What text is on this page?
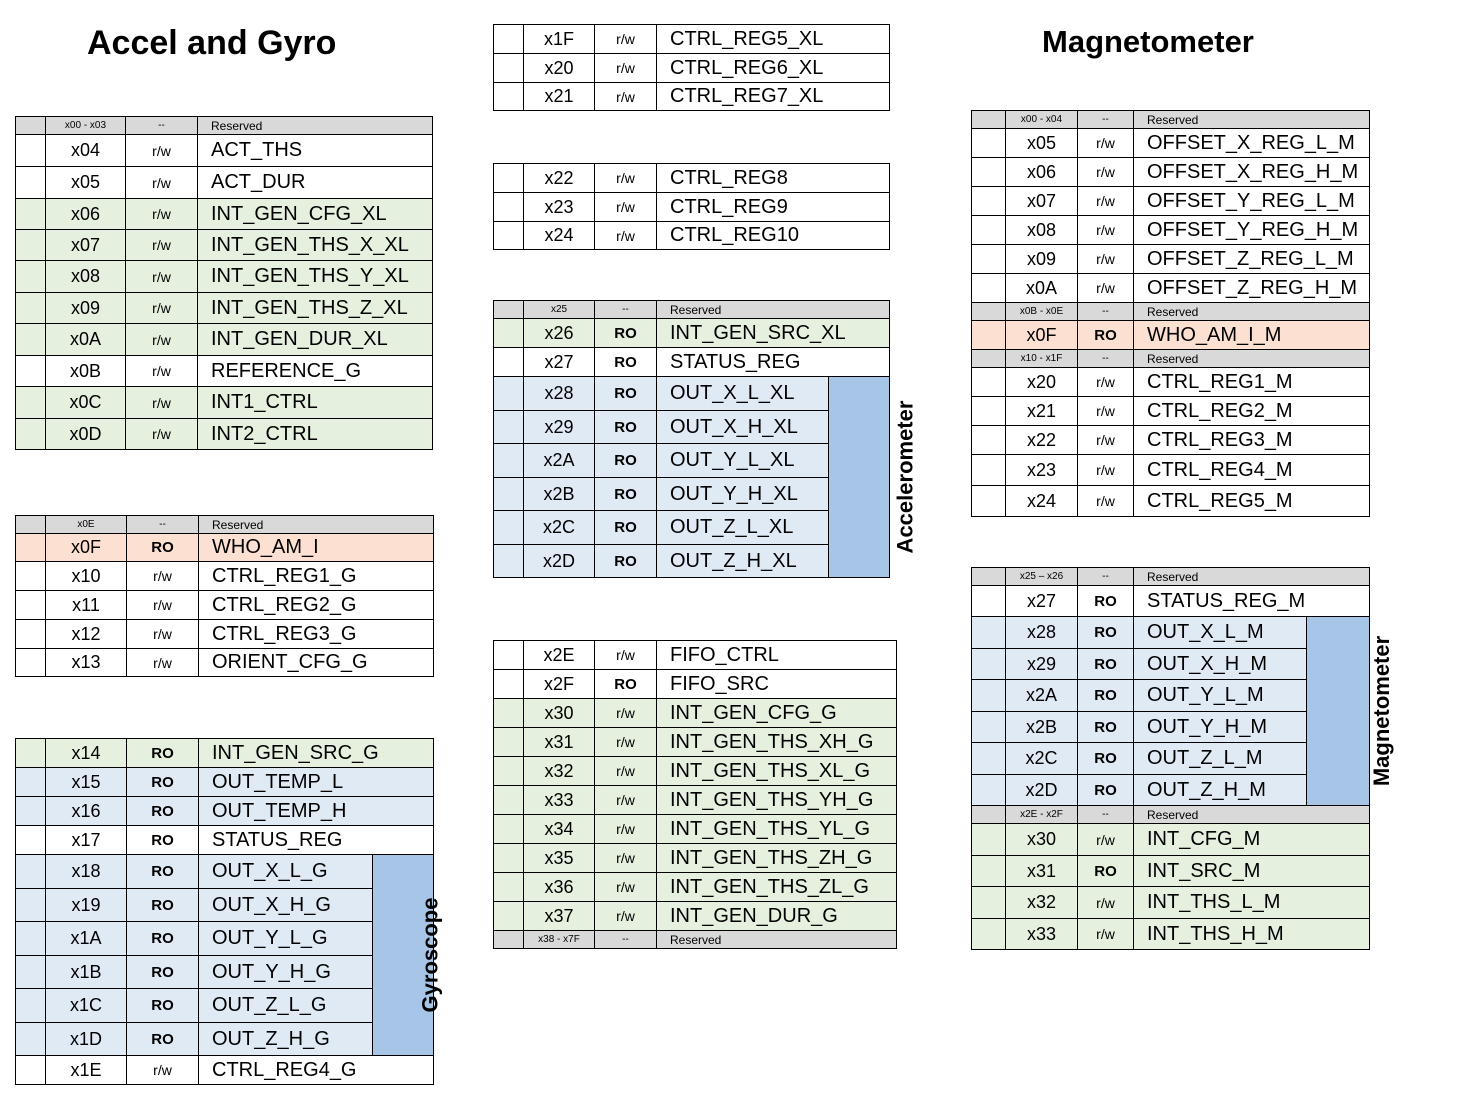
Accel and Gyro	Magnetometer
	x00 - x03	--	Reserved
	x04	r/w	ACT_THS
	x05	r/w	ACT_DUR
	x06	r/w	INT_GEN_CFG_XL
	x07	r/w	INT_GEN_THS_X_XL
	x08	r/w	INT_GEN_THS_Y_XL
	x09	r/w	INT_GEN_THS_Z_XL
	x0A	r/w	INT_GEN_DUR_XL
	x0B	r/w	REFERENCE_G
	x0C	r/w	INT1_CTRL
	x0D	r/w	INT2_CTRL
	x0E	--	Reserved
	x0F	RO	WHO_AM_I
	x10	r/w	CTRL_REG1_G
	x11	r/w	CTRL_REG2_G
	x12	r/w	CTRL_REG3_G
	x13	r/w	ORIENT_CFG_G
	x14	RO	INT_GEN_SRC_G	
	x15	RO	OUT_TEMP_L	
	x16	RO	OUT_TEMP_H	
	x17	RO	STATUS_REG	
	x18	RO	OUT_X_L_G	Gyroscope
	x19	RO	OUT_X_H_G	
	x1A	RO	OUT_Y_L_G	
	x1B	RO	OUT_Y_H_G	
	x1C	RO	OUT_Z_L_G	
	x1D	RO	OUT_Z_H_G	
	x1E	r/w	CTRL_REG4_G	
	x1F	r/w	CTRL_REG5_XL
	x20	r/w	CTRL_REG6_XL
	x21	r/w	CTRL_REG7_XL
	x22	r/w	CTRL_REG8
	x23	r/w	CTRL_REG9
	x24	r/w	CTRL_REG10
	x25	--	Reserved	
	x26	RO	INT_GEN_SRC_XL	
	x27	RO	STATUS_REG	
	x28	RO	OUT_X_L_XL	Accelerometer
	x29	RO	OUT_X_H_XL	
	x2A	RO	OUT_Y_L_XL	
	x2B	RO	OUT_Y_H_XL	
	x2C	RO	OUT_Z_L_XL	
	x2D	RO	OUT_Z_H_XL	
	x2E	r/w	FIFO_CTRL
	x2F	RO	FIFO_SRC
	x30	r/w	INT_GEN_CFG_G
	x31	r/w	INT_GEN_THS_XH_G
	x32	r/w	INT_GEN_THS_XL_G
	x33	r/w	INT_GEN_THS_YH_G
	x34	r/w	INT_GEN_THS_YL_G
	x35	r/w	INT_GEN_THS_ZH_G
	x36	r/w	INT_GEN_THS_ZL_G
	x37	r/w	INT_GEN_DUR_G
	x38 - x7F	--	Reserved
	x00 - x04	--	Reserved
	x05	r/w	OFFSET_X_REG_L_M
	x06	r/w	OFFSET_X_REG_H_M
	x07	r/w	OFFSET_Y_REG_L_M
	x08	r/w	OFFSET_Y_REG_H_M
	x09	r/w	OFFSET_Z_REG_L_M
	x0A	r/w	OFFSET_Z_REG_H_M
	x0B - x0E	--	Reserved
	x0F	RO	WHO_AM_I_M
	x10 - x1F	--	Reserved
	x20	r/w	CTRL_REG1_M
	x21	r/w	CTRL_REG2_M
	x22	r/w	CTRL_REG3_M
	x23	r/w	CTRL_REG4_M
	x24	r/w	CTRL_REG5_M
	x25 – x26	--	Reserved	
	x27	RO	STATUS_REG_M	
	x28	RO	OUT_X_L_M	Magnetometer
	x29	RO	OUT_X_H_M	
	x2A	RO	OUT_Y_L_M	
	x2B	RO	OUT_Y_H_M	
	x2C	RO	OUT_Z_L_M	
	x2D	RO	OUT_Z_H_M	
	x2E - x2F	--	Reserved	
	x30	r/w	INT_CFG_M	
	x31	RO	INT_SRC_M	
	x32	r/w	INT_THS_L_M	
	x33	r/w	INT_THS_H_M	
